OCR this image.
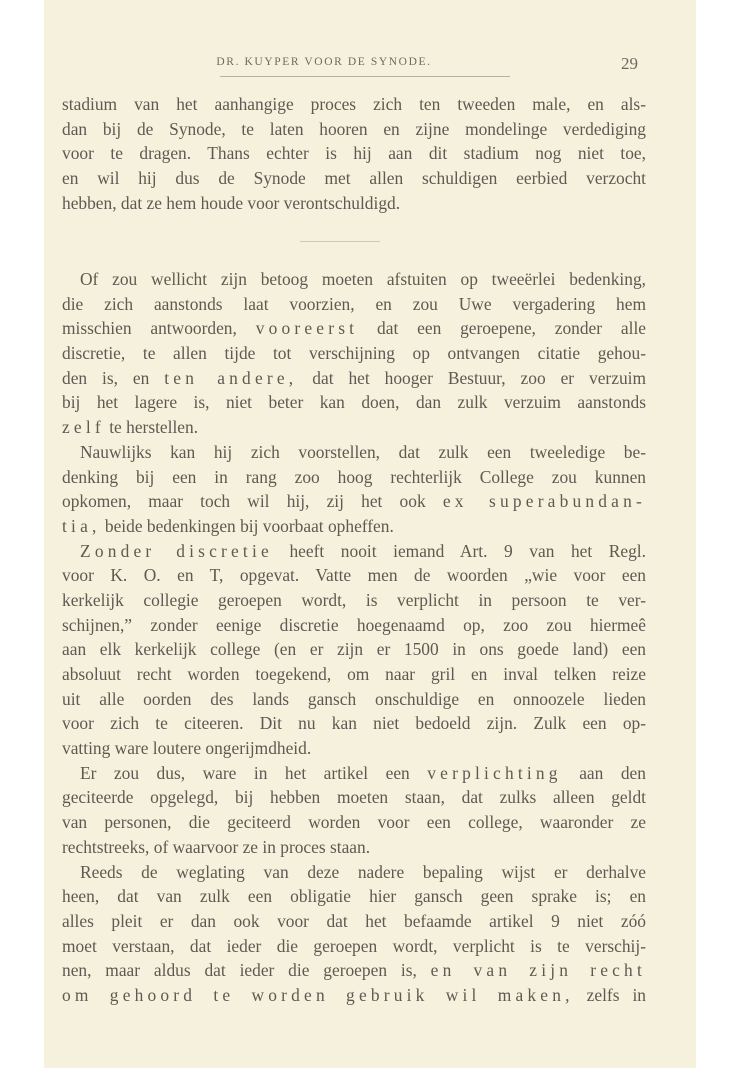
DR. KUYPER VOOR DE SYNODE.	29
stadium van het aanhangige proces zich ten tweeden male, en als-
dan bij de Synode, te laten hooren en zijne mondelinge verdediging
voor te dragen. Thans echter is hij aan dit stadium nog niet toe,
en wil hij dus de Synode met allen schuldigen eerbied verzocht
hebben, dat ze hem houde voor verontschuldigd.
Of zou wellicht zijn betoog moeten afstuiten op tweeërlei bedenking,
die zich aanstonds laat voorzien, en zou Uwe vergadering hem
misschien antwoorden, vooreerst dat een geroepene, zonder alle
discretie, te allen tijde tot verschijning op ontvangen citatie gehou-
den is, en ten andere, dat het hooger Bestuur, zoo er verzuim
bij het lagere is, niet beter kan doen, dan zulk verzuim aanstonds
zelf te herstellen.
Nauwlijks kan hij zich voorstellen, dat zulk een tweeledige be-
denking bij een in rang zoo hoog rechterlijk College zou kunnen
opkomen, maar toch wil hij, zij het ook ex superabundan-
tia, beide bedenkingen bij voorbaat opheffen.
Zonder discretie heeft nooit iemand Art. 9 van het Regl.
voor K. O. en T, opgevat. Vatte men de woorden „wie voor een
kerkelijk collegie geroepen wordt, is verplicht in persoon te ver-
schijnen,” zonder eenige discretie hoegenaamd op, zoo zou hiermeê
aan elk kerkelijk college (en er zijn er 1500 in ons goede land) een
absoluut recht worden toegekend, om naar gril en inval telken reize
uit alle oorden des lands gansch onschuldige en onnoozele lieden
voor zich te citeeren. Dit nu kan niet bedoeld zijn. Zulk een op-
vatting ware loutere ongerijmdheid.
Er zou dus, ware in het artikel een verplichting aan den
geciteerde opgelegd, bij hebben moeten staan, dat zulks alleen geldt
van personen, die geciteerd worden voor een college, waaronder ze
rechtstreeks, of waarvoor ze in proces staan.
Reeds de weglating van deze nadere bepaling wijst er derhalve
heen, dat van zulk een obligatie hier gansch geen sprake is; en
alles pleit er dan ook voor dat het befaamde artikel 9 niet zóó
moet verstaan, dat ieder die geroepen wordt, verplicht is te verschij-
nen, maar aldus dat ieder die geroepen is, en van zijn recht
om gehoord te worden gebruik wil maken, zelfs in
